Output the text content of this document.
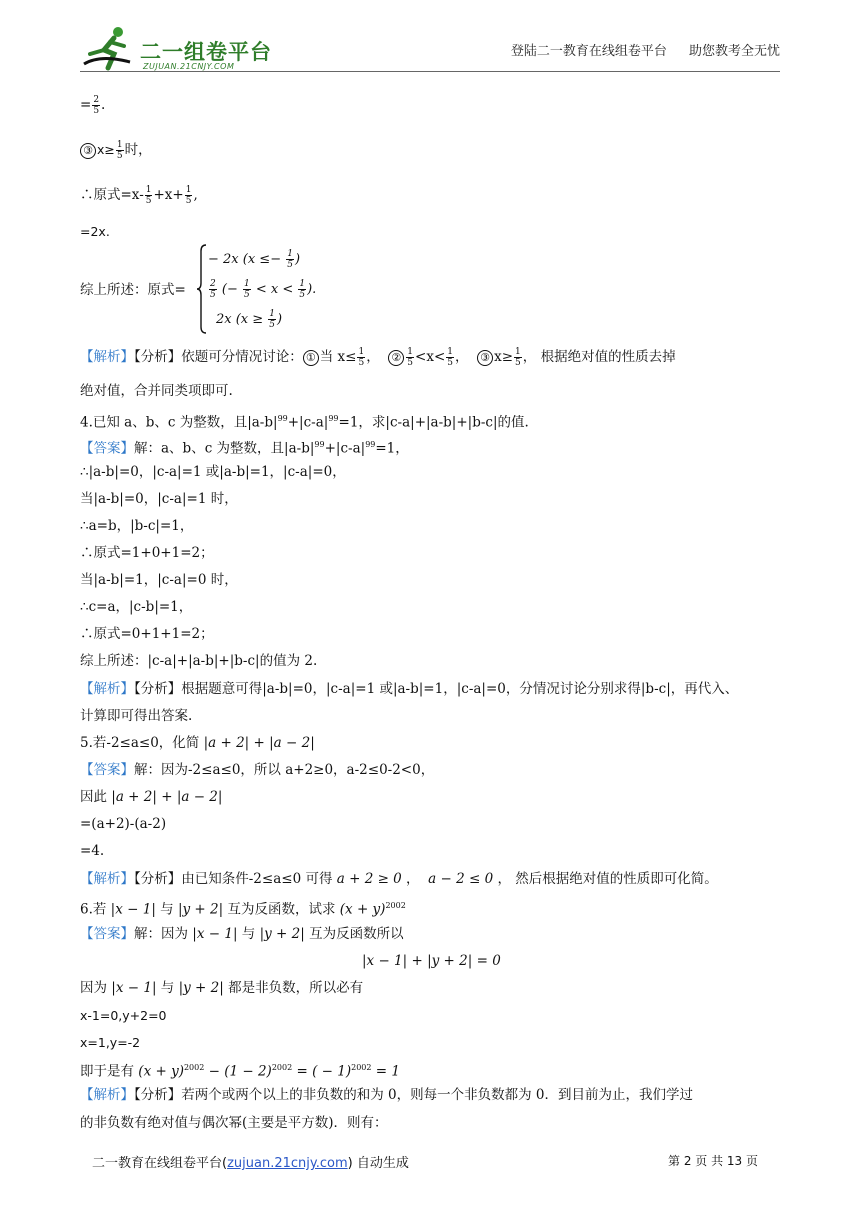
二一组卷平台
ZUJUAN.21CNJY.COM
登陆二一教育在线组卷平台 助您教考全无忧
= $\frac{2}{5}$ .
③ $x\ge \frac{1}{5}$ 时，
∴原式$=x- \frac{1}{5} +x+ \frac{1}{5}$ ,
=2x.
综上所述：原式=
− 2x ($x \le- \frac{1}{5}$ )
$\frac{2}{5}$ (− $\frac{1}{5} < x < \frac{1}{5}$ ).
2x ($x \ge \frac{1}{5}$ )
【解析】【分析】依题可分情况讨论： ① 当 $x\le \frac{1}{5}$ ， ② $\frac{1}{5} <x< \frac{1}{5}$ ， ③ $x\ge \frac{1}{5}$ ， 根据绝对值的性质去掉
绝对值，合并同类项即可.
4.已知 a、b、c 为整数，且$|a-b|^{99}+|c-a|^{99}=1$，求|c-a|+|a-b|+|b-c|的值.
【答案】解：a、b、c 为整数，且$|a-b|^{99}+|c-a|^{99}=1$，
∴|a-b|=0，|c-a|=1 或|a-b|=1，|c-a|=0，
当|a-b|=0，|c-a|=1 时，
∴a=b，|b-c|=1，
∴原式=1+0+1=2；
当|a-b|=1，|c-a|=0 时，
∴c=a，|c-b|=1，
∴原式=0+1+1=2；
综上所述：|c-a|+|a-b|+|b-c|的值为 2.
【解析】【分析】根据题意可得|a-b|=0，|c-a|=1 或|a-b|=1，|c-a|=0，分情况讨论分别求得|b-c|，再代入、
计算即可得出答案.
5.若-2≤a≤0，化简 |a + 2| + |a − 2|
【答案】解：因为-2≤a≤0，所以 a+2≥0，a-2≤0-2<0，
因此 |a + 2| + |a − 2|
=(a+2)-(a-2)
=4.
【解析】【分析】由已知条件-2≤a≤0 可得 a + 2 ≥ 0 ， a − 2 ≤ 0 ， 然后根据绝对值的性质即可化简。
6.若 |x − 1| 与 |y + 2| 互为反函数，试求 $(x + y)^{2002}$
【答案】解：因为 |x − 1| 与 |y + 2| 互为反函数所以
|x − 1| + |y + 2| = 0
因为 |x − 1| 与 |y + 2| 都是非负数，所以必有
x-1=0,y+2=0
x=1,y=-2
即于是有 $(x + y)^{2002} - (1 - 2)^{2002}$ = ( − 1)$^{2002}$ = 1
【解析】【分析】若两个或两个以上的非负数的和为 0，则每一个非负数都为 0．到目前为止，我们学过
的非负数有绝对值与偶次幂(主要是平方数)．则有：
二一教育在线组卷平台(zujuan.21cnjy.com) 自动生成	第 2 页 共 13 页
